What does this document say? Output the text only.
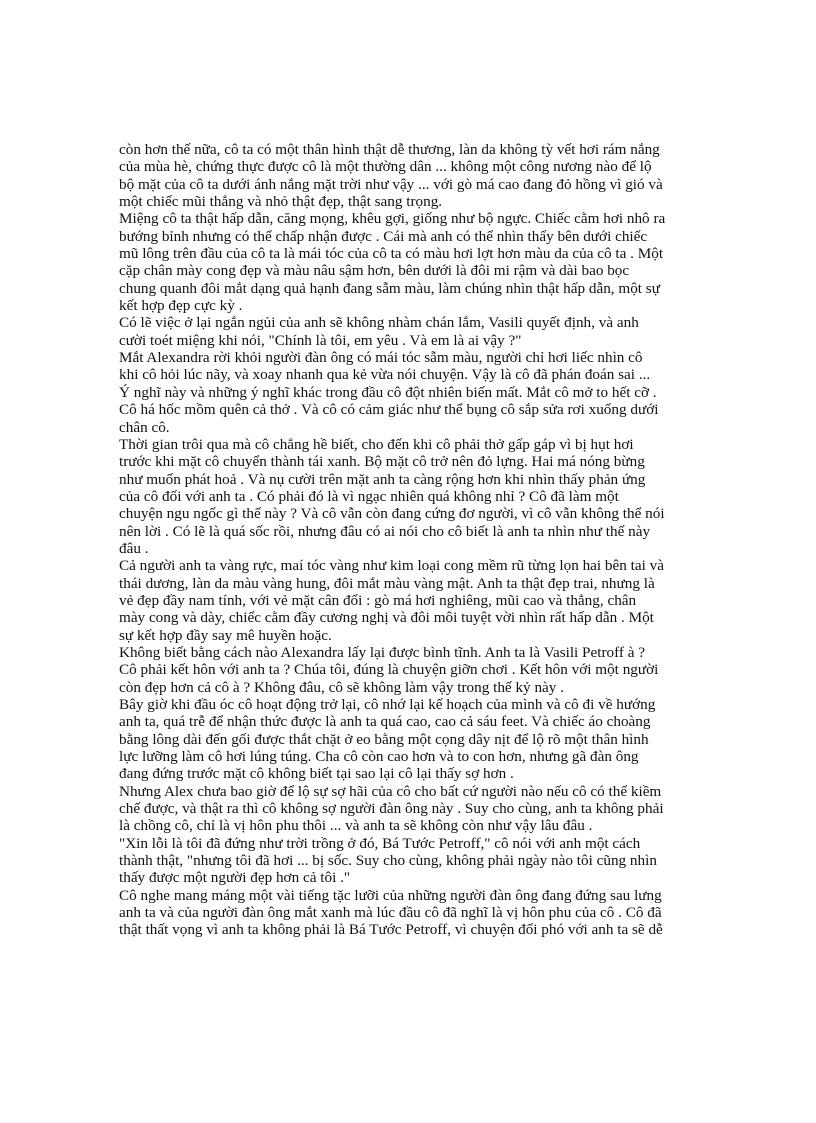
còn hơn thế nữa, cô ta có một thân hình thật dễ thương, làn da không tỳ vết hơi rám nắng
của mùa hè, chứng thực được cô là một thường dân ... không một công nương nào để lộ
bộ mặt của cô ta dưới ánh nắng mặt trời như vậy ... với gò má cao đang đỏ hồng vì gió và
một chiếc mũi thẳng và nhỏ thật đẹp, thật sang trọng.

Miệng cô ta thật hấp dẫn, căng mọng, khêu gợi, giống như bộ ngực. Chiếc cằm hơi nhô ra
bướng bỉnh nhưng có thể chấp nhận được . Cái mà anh có thể nhìn thấy bên dưới chiếc
mũ lông trên đầu của cô ta là mái tóc của cô ta có màu hơi lợt hơn màu da của cô ta . Một
cặp chân mày cong đẹp và màu nâu sậm hơn, bên dưới là đôi mi rậm và dài bao bọc
chung quanh đôi mắt dạng quả hạnh đang sẫm màu, làm chúng nhìn thật hấp dẫn, một sự
kết hợp đẹp cực kỳ .

Có lẽ việc ở lại ngắn ngủi của anh sẽ không nhàm chán lắm, Vasili quyết định, và anh
cười toét miệng khi nói, "Chính là tôi, em yêu . Và em là ai vậy ?"

Mắt Alexandra rời khỏi người đàn ông có mái tóc sẫm màu, người chỉ hơi liếc nhìn cô
khi cô hỏi lúc nãy, và xoay nhanh qua kẻ vừa nói chuyện. Vậy là cô đã phán đoán sai ...
Ý nghĩ này và những ý nghĩ khác trong đầu cô đột nhiên biến mất. Mắt cô mở to hết cỡ .
Cô há hốc mồm quên cả thở . Và cô có cảm giác như thể bụng cô sắp sửa rơi xuống dưới
chân cô.

Thời gian trôi qua mà cô chẳng hề biết, cho đến khi cô phải thở gấp gáp vì bị hụt hơi
trước khi mặt cô chuyển thành tái xanh. Bộ mặt cô trở nên đỏ lựng. Hai má nóng bừng
như muốn phát hoả . Và nụ cười trên mặt anh ta càng rộng hơn khi nhìn thấy phản ứng
của cô đối với anh ta . Có phải đó là vì ngạc nhiên quá không nhỉ ? Cô đã làm một
chuyện ngu ngốc gì thế này ? Và cô vẫn còn đang cứng đơ người, vì cô vẫn không thể nói
nên lời . Có lẽ là quá sốc rồi, nhưng đâu có ai nói cho cô biết là anh ta nhìn như thế này
đâu .

Cả người anh ta vàng rực, maí tóc vàng như kim loại cong mềm rũ từng lọn hai bên tai và
thái dương, làn da màu vàng hung, đôi mắt màu vàng mật. Anh ta thật đẹp trai, nhưng là
vẻ đẹp đầy nam tính, với vẻ mặt cân đối : gò má hơi nghiêng, mũi cao và thẳng, chân
mày cong và dày, chiếc cằm đầy cương nghị và đôi môi tuyệt vời nhìn rất hấp dẫn . Một
sự kết hợp đầy say mê huyền hoặc.

Không biết bằng cách nào Alexandra lấy lại được bình tĩnh. Anh ta là Vasili Petroff à ?
Cô phải kết hôn với anh ta ? Chúa tôi, đúng là chuyện giỡn chơi . Kết hôn với một người
còn đẹp hơn cả cô à ? Không đâu, cô sẽ không làm vậy trong thế kỷ này .

Bây giờ khi đầu óc cô hoạt động trở lại, cô nhớ lại kế hoạch của mình và cô đi về hướng
anh ta, quá trễ để nhận thức được là anh ta quá cao, cao cả sáu feet. Và chiếc áo choàng
bằng lông dài đến gối được thắt chặt ở eo bằng một cọng dây nịt để lộ rõ một thân hình
lực lưỡng làm cô hơi lúng túng. Cha cô còn cao hơn và to con hơn, nhưng gã đàn ông
đang đứng trước mặt cô không biết tại sao lại cô lại thấy sợ hơn .

Nhưng Alex chưa bao giờ để lộ sự sợ hãi của cô cho bất cứ người nào nếu cô có thể kiềm
chế được, và thật ra thì cô không sợ người đàn ông này . Suy cho cùng, anh ta không phải
là chồng cô, chỉ là vị hôn phu thôi ... và anh ta sẽ không còn như vậy lâu đâu .

"Xin lỗi là tôi đã đứng như trời trồng ở đó, Bá Tước Petroff," cô nói với anh một cách
thành thật, "nhưng tôi đã hơi ... bị sốc. Suy cho cùng, không phải ngày nào tôi cũng nhìn
thấy được một người đẹp hơn cả tôi ."

Cô nghe mang máng một vài tiếng tặc lưỡi của những người đàn ông đang đứng sau lưng
anh ta và của người đàn ông mắt xanh mà lúc đầu cô đã nghĩ là vị hôn phu của cô . Cô đã
thật thất vọng vì anh ta không phải là Bá Tước Petroff, vì chuyện đối phó với anh ta sẽ dễ
